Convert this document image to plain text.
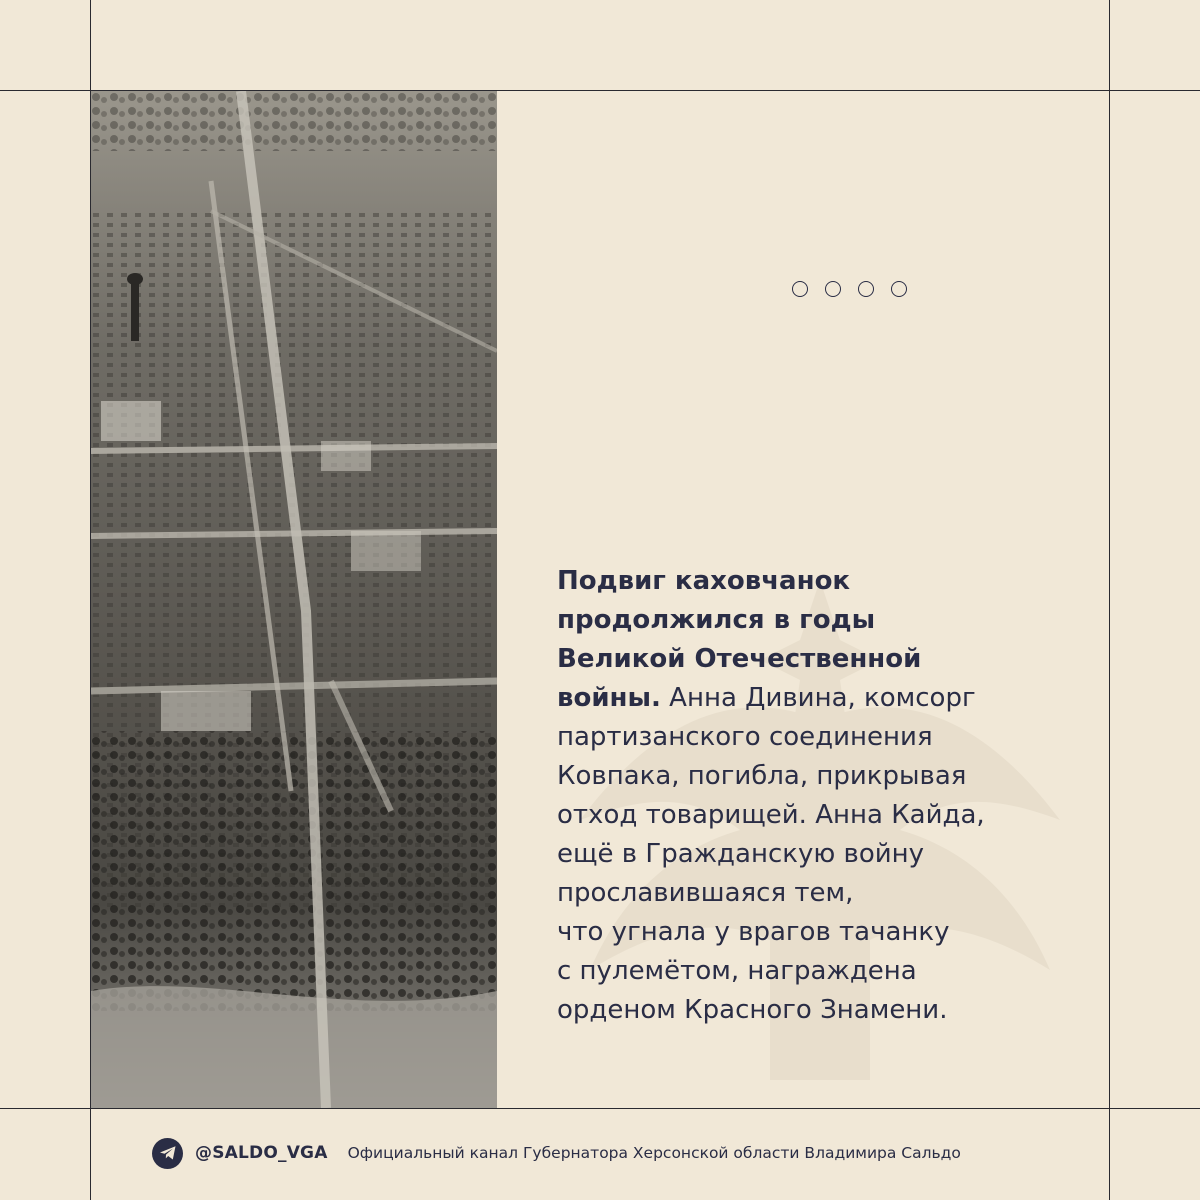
Подвиг каховчанок
продолжился в годы
Великой Отечественной
войны. Анна Дивина, комсорг
партизанского соединения
Ковпака, погибла, прикрывая
отход товарищей. Анна Кайда,
ещё в Гражданскую войну
прославившаяся тем,
что угнала у врагов тачанку
с пулемётом, награждена
орденом Красного Знамени.
@SALDO_VGA Официальный канал Губернатора Херсонской области Владимира Сальдо
